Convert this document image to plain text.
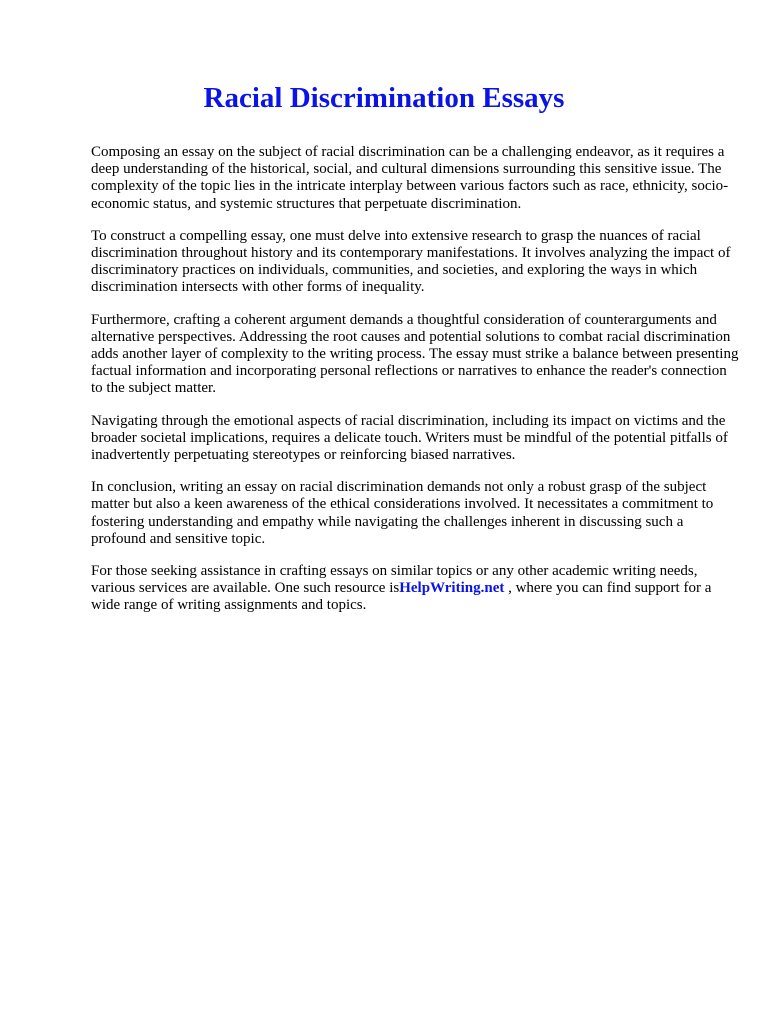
Racial Discrimination Essays

Composing an essay on the subject of racial discrimination can be a challenging endeavor, as it requires a deep understanding of the historical, social, and cultural dimensions surrounding this sensitive issue. The complexity of the topic lies in the intricate interplay between various factors such as race, ethnicity, socio-economic status, and systemic structures that perpetuate discrimination.

To construct a compelling essay, one must delve into extensive research to grasp the nuances of racial discrimination throughout history and its contemporary manifestations. It involves analyzing the impact of discriminatory practices on individuals, communities, and societies, and exploring the ways in which discrimination intersects with other forms of inequality.

Furthermore, crafting a coherent argument demands a thoughtful consideration of counterarguments and alternative perspectives. Addressing the root causes and potential solutions to combat racial discrimination adds another layer of complexity to the writing process. The essay must strike a balance between presenting factual information and incorporating personal reflections or narratives to enhance the reader's connection to the subject matter.

Navigating through the emotional aspects of racial discrimination, including its impact on victims and the broader societal implications, requires a delicate touch. Writers must be mindful of the potential pitfalls of inadvertently perpetuating stereotypes or reinforcing biased narratives.

In conclusion, writing an essay on racial discrimination demands not only a robust grasp of the subject matter but also a keen awareness of the ethical considerations involved. It necessitates a commitment to fostering understanding and empathy while navigating the challenges inherent in discussing such a profound and sensitive topic.

For those seeking assistance in crafting essays on similar topics or any other academic writing needs, various services are available. One such resource isHelpWriting.net , where you can find support for a wide range of writing assignments and topics.
